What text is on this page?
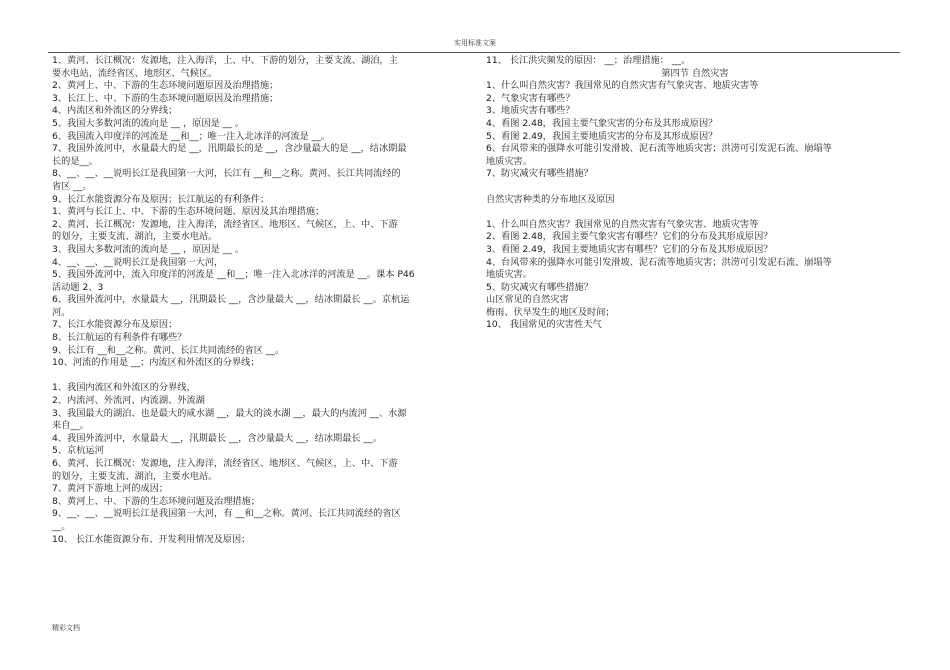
实用标准文案
1、黄河、长江概况：发源地，注入海洋，上、中、下游的划分，主要支流、湖泊，主
要水电站，流经省区、地形区、气候区。
2、黄河上、中、下游的生态环境问题原因及治理措施；
3、长江上、中、下游的生态环境问题原因及治理措施；
4、内流区和外流区的分界线；
5、我国大多数河流的流向是 __ ，原因是 __ 。
6、我国流入印度洋的河流是 __和__；唯一注入北冰洋的河流是 __。
7、我国外流河中，水量最大的是 __，汛期最长的是 __，含沙量最大的是 __，结冰期最
长的是__。
8、__、__、__说明长江是我国第一大河，长江有 __和__之称。黄河、长江共同流经的
省区 __。
9、长江水能资源分布及原因；长江航运的有利条件；
1、黄河与长江上、中、下游的生态环境问题、原因及其治理措施；
2、黄河、长江概况：发源地，注入海洋，流经省区、地形区、气候区，上、中、下游
的划分，主要支流、湖泊，主要水电站。
3、我国大多数河流的流向是 __ ，原因是 __ 。
4、__、__、__说明长江是我国第一大河，
5、我国外流河中，流入印度洋的河流是 __和__；唯一注入北冰洋的河流是 __。课本 P46
活动题 2、3
6、我国外流河中，水量最大 __，汛期最长 __，含沙量最大 __，结冰期最长 __。京杭运
河。
7、长江水能资源分布及原因；
8、长江航运的有利条件有哪些？
9、长江有 __和__之称。黄河、长江共同流经的省区 __。
10、河流的作用是 __；内流区和外流区的分界线；
1、我国内流区和外流区的分界线，
2、内流河、外流河、内流湖、外流湖
3、我国最大的湖泊、也是最大的咸水湖 __，最大的淡水湖 __，最大的内流河 __、水源
来自__。
4、我国外流河中，水量最大 __，汛期最长 __，含沙量最大 __，结冰期最长 __。
5、京杭运河
6、黄河、长江概况：发源地，注入海洋，流经省区、地形区、气候区，上、中、下游
的划分，主要支流、湖泊，主要水电站。
7、黄河下游地上河的成因；
8、黄河上、中、下游的生态环境问题及治理措施；
9、__、__、__说明长江是我国第一大河，有 __和__之称。黄河、长江共同流经的省区
__。
10、 长江水能资源分布、开发利用情况及原因；
11、 长江洪灾频发的原因： __；治理措施： __。
第四节 自然灾害
1、什么叫自然灾害？我国常见的自然灾害有气象灾害、地质灾害等
2、气象灾害有哪些？
3、地质灾害有哪些？
4、看图 2.48，我国主要气象灾害的分布及其形成原因？
5、看图 2.49，我国主要地质灾害的分布及其形成原因？
6、台风带来的强降水可能引发滑坡、泥石流等地质灾害；洪涝可引发泥石流、崩塌等
地质灾害。
7、防灾减灾有哪些措施？
自然灾害种类的分布地区及原因
1、什么叫自然灾害？我国常见的自然灾害有气象灾害、地质灾害等
2、看图 2.48，我国主要气象灾害有哪些？它们的分布及其形成原因？
3、看图 2.49，我国主要地质灾害有哪些？它们的分布及其形成原因？
4、台风带来的强降水可能引发滑坡、泥石流等地质灾害；洪涝可引发泥石流、崩塌等
地质灾害。
5、防灾减灾有哪些措施？
山区常见的自然灾害
梅雨、伏旱发生的地区及时间；
10、 我国常见的灾害性天气
精彩文档
